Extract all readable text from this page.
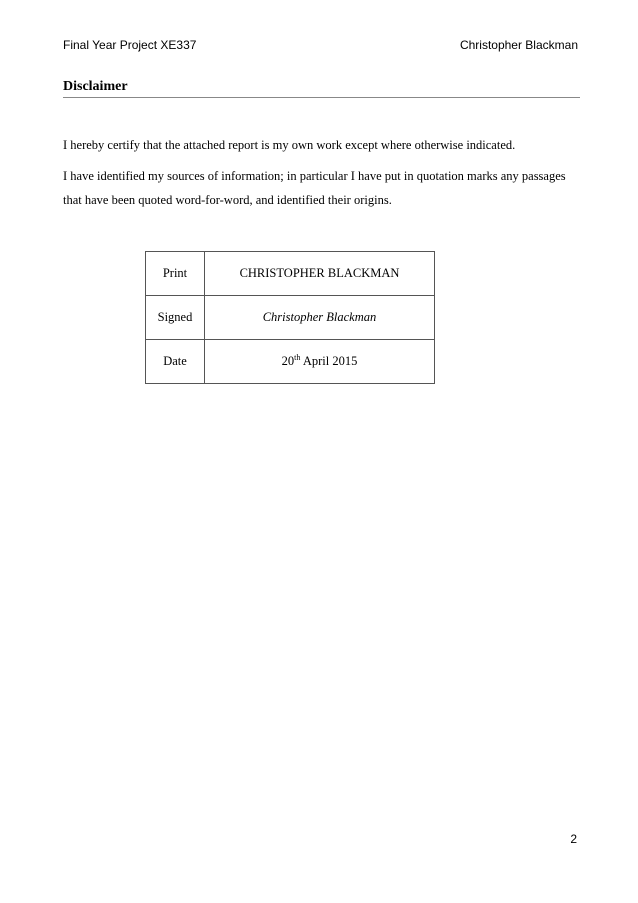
Final Year Project XE337	Christopher Blackman
Disclaimer
I hereby certify that the attached report is my own work except where otherwise indicated.
I have identified my sources of information; in particular I have put in quotation marks any passages that have been quoted word-for-word, and identified their origins.
Print	CHRISTOPHER BLACKMAN
Signed	Christopher Blackman
Date	20th April 2015
2
